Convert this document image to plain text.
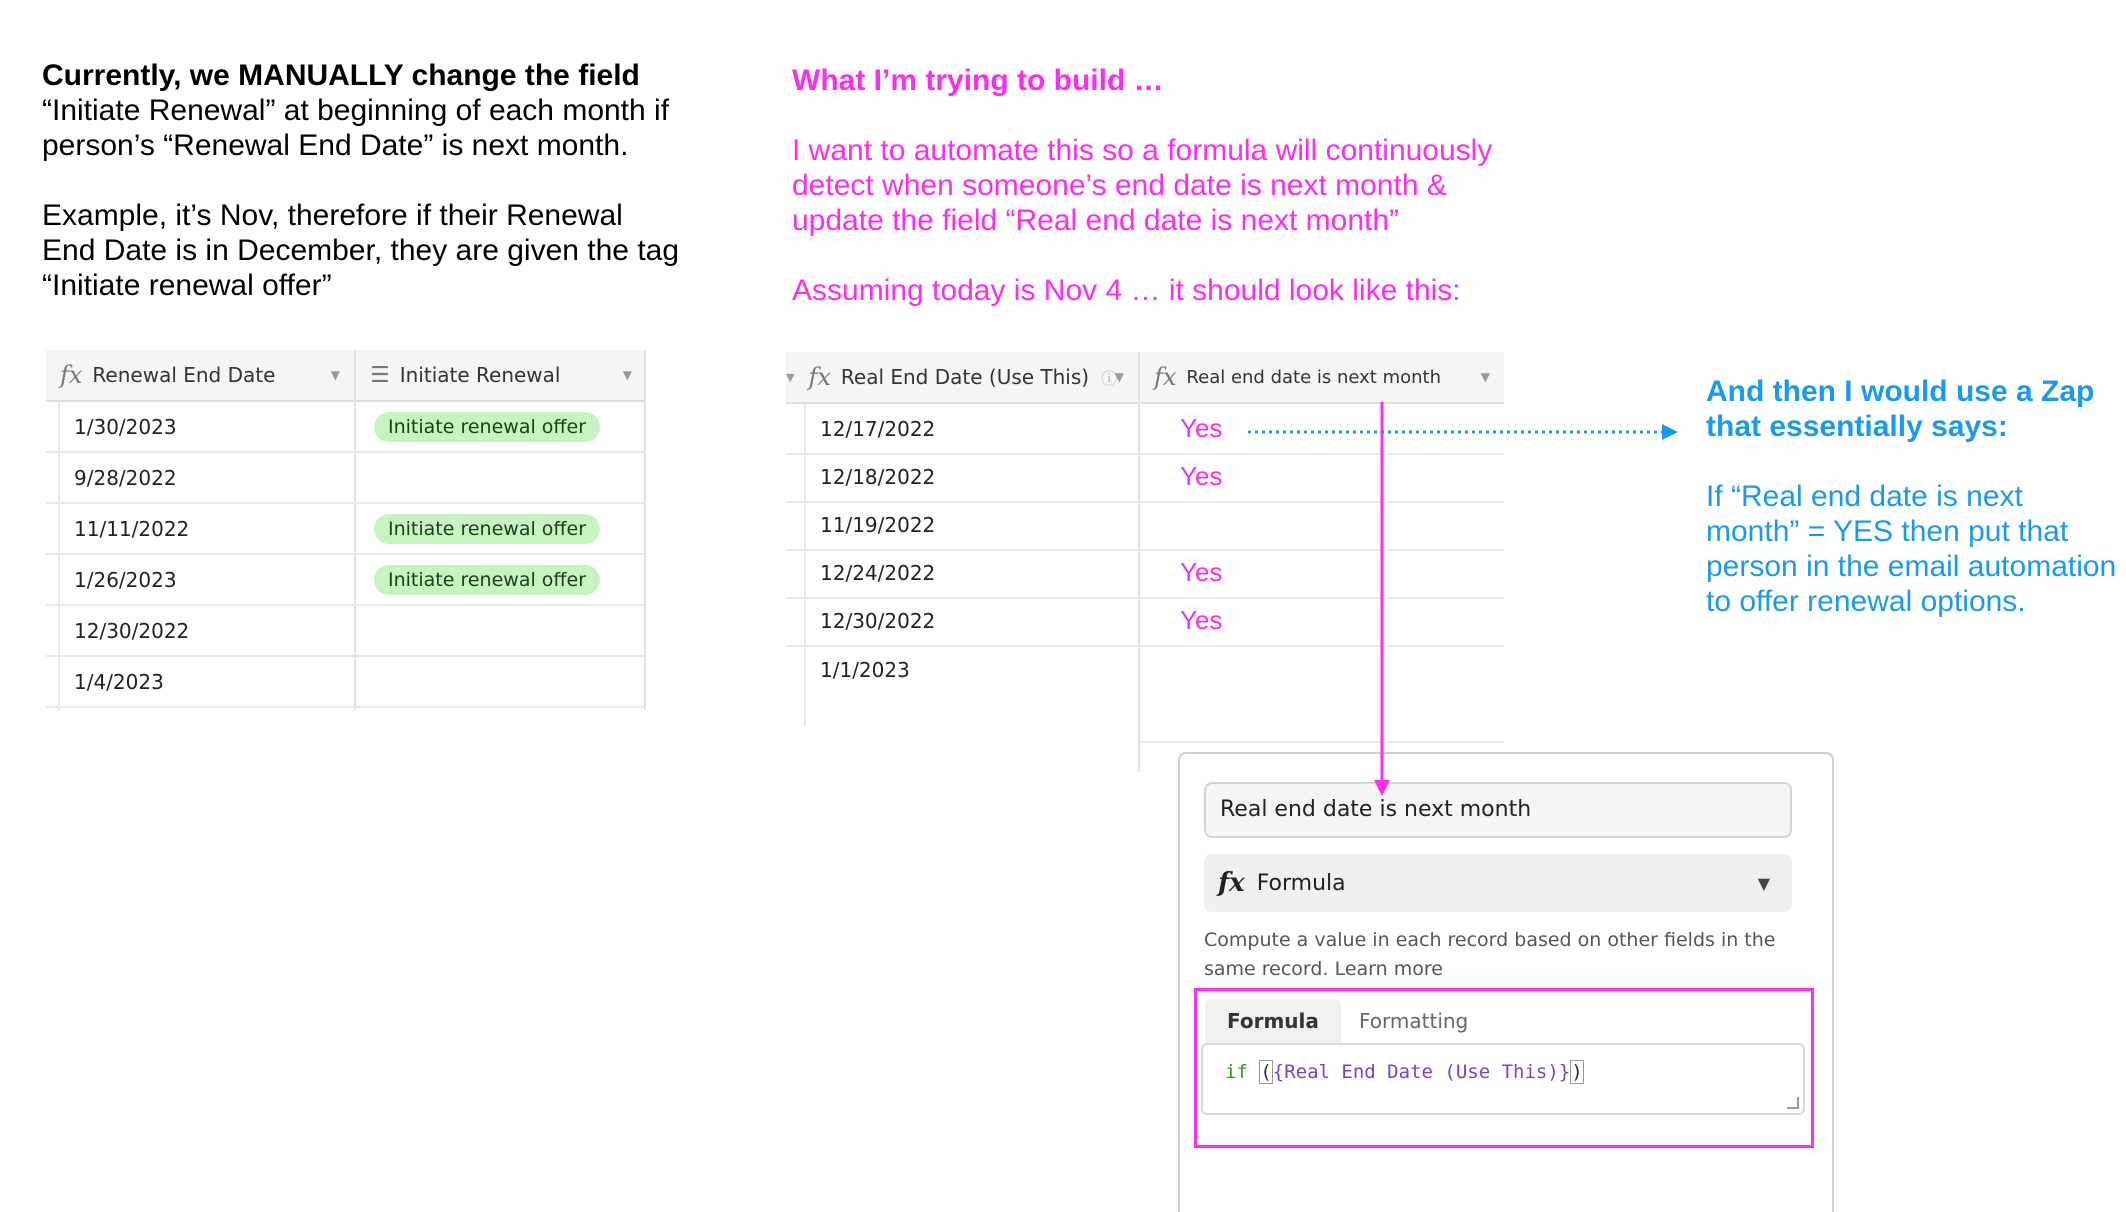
Currently, we MANUALLY change the field

“Initiate Renewal” at beginning of each month if

person’s “Renewal End Date” is next month.

Example, it’s Nov, therefore if their Renewal

End Date is in December, they are given the tag

“Initiate renewal offer”

What I’m trying to build …

I want to automate this so a formula will continuously

detect when someone’s end date is next month &

update the field “Real end date is next month”

Assuming today is Nov 4 … it should look like this:

And then I would use a Zap

that essentially says:

If “Real end date is next

month” = YES then put that

person in the email automation

to offer renewal options.

fx Renewal End Date	▼ ☰ Initiate Renewal	▼
1/30/2023	Initiate renewal offer
9/28/2022
11/11/2022	Initiate renewal offer
1/26/2023	Initiate renewal offer
12/30/2022
1/4/2023
▼ fx Real End Date (Use This) ⓘ
▼ fx Real end date is next month	▼
12/17/2022	Yes
12/18/2022	Yes
11/19/2022
12/24/2022	Yes
12/30/2022	Yes
1/1/2023
Real end date is next month
fx Formula	▼
Compute a value in each record based on other fields in the same record. Learn more
Formula	Formatting
if ({Real End Date (Use This)})
